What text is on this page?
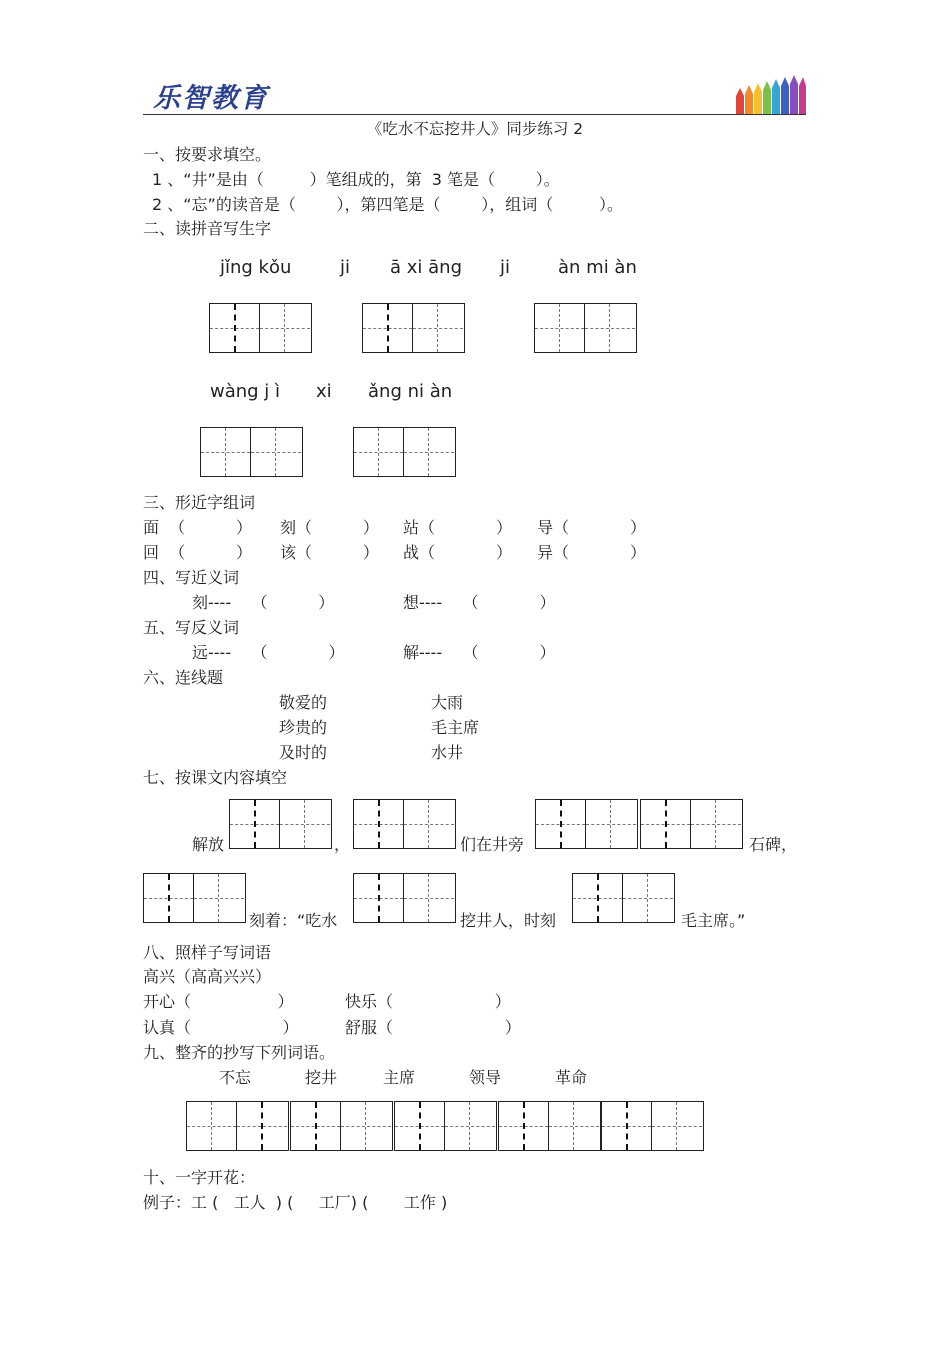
乐智教育
《吃水不忘挖井人》同步练习 2
一、按要求填空。
1 、“井”是由（         ）笔组成的，第  3 笔是（        ）。
2 、“忘”的读音是（        ），第四笔是（        ），组词（         ）。
二、读拼音写生字
jǐng kǒu	ji ā xi āng ji	àn mi àn
wàng j ì xi ǎng ni àn
三、形近字组词
面  （          ） 刻（          ） 站（            ） 导（            ）
回  （          ） 该（          ） 战（            ） 异（            ）
四、写近义词
刻----    （          ）	想----    （            ）
五、写反义词
远----    （            ）	解----    （            ）
六、连线题
敬爱的	大雨
珍贵的	毛主席
及时的	水井
七、按课文内容填空
解放	，	们在井旁	石碑，
刻着：“吃水	挖井人，时刻	毛主席。”
八、照样子写词语
高兴（高高兴兴）
开心（                 ）	快乐（                    ）
认真（                  ）	舒服（                      ）
九、整齐的抄写下列词语。
不忘	挖井	主席	领导	革命
十、一字开花：
例子：工 (   工人  ) (     工厂) (       工作 )
